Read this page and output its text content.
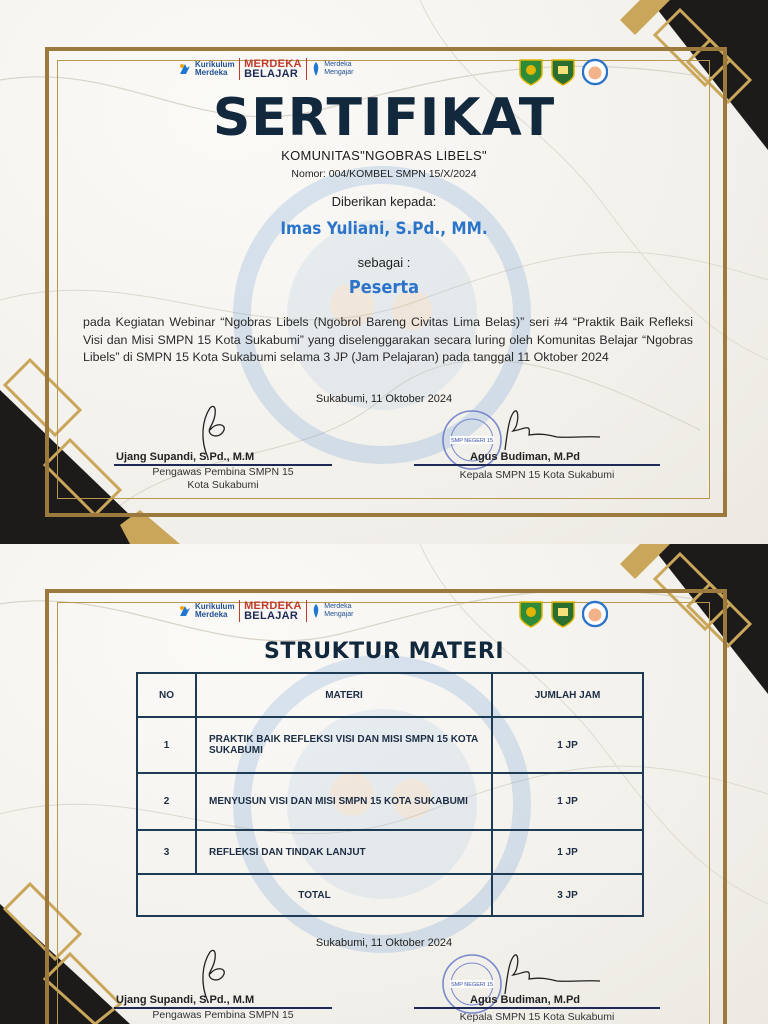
Kurikulum
Merdeka
MERDEKA
BELAJAR
Merdeka
Mengajar
SERTIFIKAT
KOMUNITAS"NGOBRAS LIBELS"
Nomor: 004/KOMBEL SMPN 15/X/2024
Diberikan kepada:
Imas Yuliani, S.Pd., MM.
sebagai :
Peserta
pada Kegiatan Webinar “Ngobras Libels (Ngobrol Bareng Civitas Lima Belas)” seri #4 “Praktik Baik Refleksi Visi dan Misi SMPN 15 Kota Sukabumi” yang diselenggarakan secara luring oleh Komunitas Belajar “Ngobras Libels” di SMPN 15 Kota Sukabumi selama 3 JP (Jam Pelajaran) pada tanggal 11 Oktober 2024
Sukabumi, 11 Oktober 2024
Ujang Supandi, S.Pd., M.M
Pengawas Pembina SMPN 15
Kota Sukabumi
SMP NEGERI 15
Agus Budiman, M.Pd
Kepala SMPN 15 Kota Sukabumi
Kurikulum
Merdeka
MERDEKA
BELAJAR
Merdeka
Mengajar
STRUKTUR MATERI
NO	MATERI	JUMLAH JAM
1	PRAKTIK BAIK REFLEKSI VISI DAN MISI SMPN 15 KOTA SUKABUMI	1 JP
2	MENYUSUN VISI DAN MISI SMPN 15 KOTA SUKABUMI	1 JP
3	REFLEKSI DAN TINDAK LANJUT	1 JP
TOTAL		3 JP
Sukabumi, 11 Oktober 2024
Ujang Supandi, S.Pd., M.M
Pengawas Pembina SMPN 15
SMP NEGERI 15
Agus Budiman, M.Pd
Kepala SMPN 15 Kota Sukabumi
